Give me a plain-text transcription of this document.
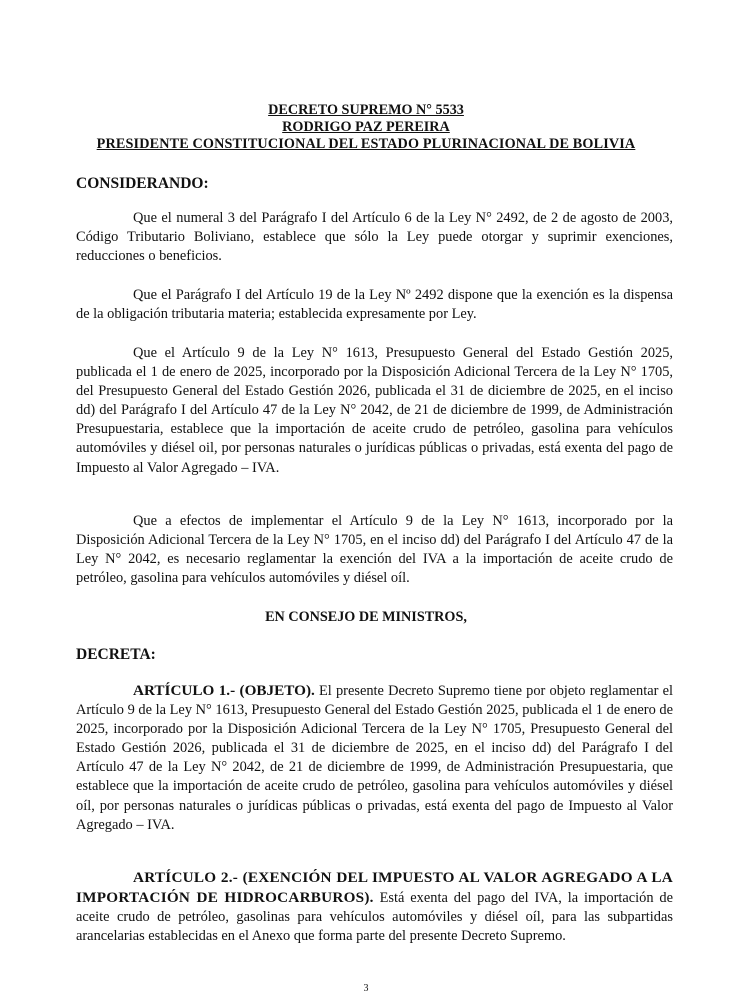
DECRETO SUPREMO N° 5533
RODRIGO PAZ PEREIRA
PRESIDENTE CONSTITUCIONAL DEL ESTADO PLURINACIONAL DE BOLIVIA
CONSIDERANDO:

Que el numeral 3 del Parágrafo I del Artículo 6 de la Ley N° 2492, de 2 de agosto de 2003, Código Tributario Boliviano, establece que sólo la Ley puede otorgar y suprimir exenciones, reducciones o beneficios.

Que el Parágrafo I del Artículo 19 de la Ley Nº 2492 dispone que la exención es la dispensa de la obligación tributaria materia; establecida expresamente por Ley.

Que el Artículo 9 de la Ley N° 1613, Presupuesto General del Estado Gestión 2025, publicada el 1 de enero de 2025, incorporado por la Disposición Adicional Tercera de la Ley N° 1705, del Presupuesto General del Estado Gestión 2026, publicada el 31 de diciembre de 2025, en el inciso dd) del Parágrafo I del Artículo 47 de la Ley N° 2042, de 21 de diciembre de 1999, de Administración Presupuestaria, establece que la importación de aceite crudo de petróleo, gasolina para vehículos automóviles y diésel oil, por personas naturales o jurídicas públicas o privadas, está exenta del pago de Impuesto al Valor Agregado – IVA.

Que a efectos de implementar el Artículo 9 de la Ley N° 1613, incorporado por la Disposición Adicional Tercera de la Ley N° 1705, en el inciso dd) del Parágrafo I del Artículo 47 de la Ley N° 2042, es necesario reglamentar la exención del IVA a la importación de aceite crudo de petróleo, gasolina para vehículos automóviles y diésel oíl.

EN CONSEJO DE MINISTROS,
DECRETA:

ARTÍCULO 1.- (OBJETO). El presente Decreto Supremo tiene por objeto reglamentar el Artículo 9 de la Ley N° 1613, Presupuesto General del Estado Gestión 2025, publicada el 1 de enero de 2025, incorporado por la Disposición Adicional Tercera de la Ley N° 1705, Presupuesto General del Estado Gestión 2026, publicada el 31 de diciembre de 2025, en el inciso dd) del Parágrafo I del Artículo 47 de la Ley N° 2042, de 21 de diciembre de 1999, de Administración Presupuestaria, que establece que la importación de aceite crudo de petróleo, gasolina para vehículos automóviles y diésel oíl, por personas naturales o jurídicas públicas o privadas, está exenta del pago de Impuesto al Valor Agregado – IVA.

ARTÍCULO 2.- (EXENCIÓN DEL IMPUESTO AL VALOR AGREGADO A LA IMPORTACIÓN DE HIDROCARBUROS). Está exenta del pago del IVA, la importación de aceite crudo de petróleo, gasolinas para vehículos automóviles y diésel oíl, para las subpartidas arancelarias establecidas en el Anexo que forma parte del presente Decreto Supremo.

3
